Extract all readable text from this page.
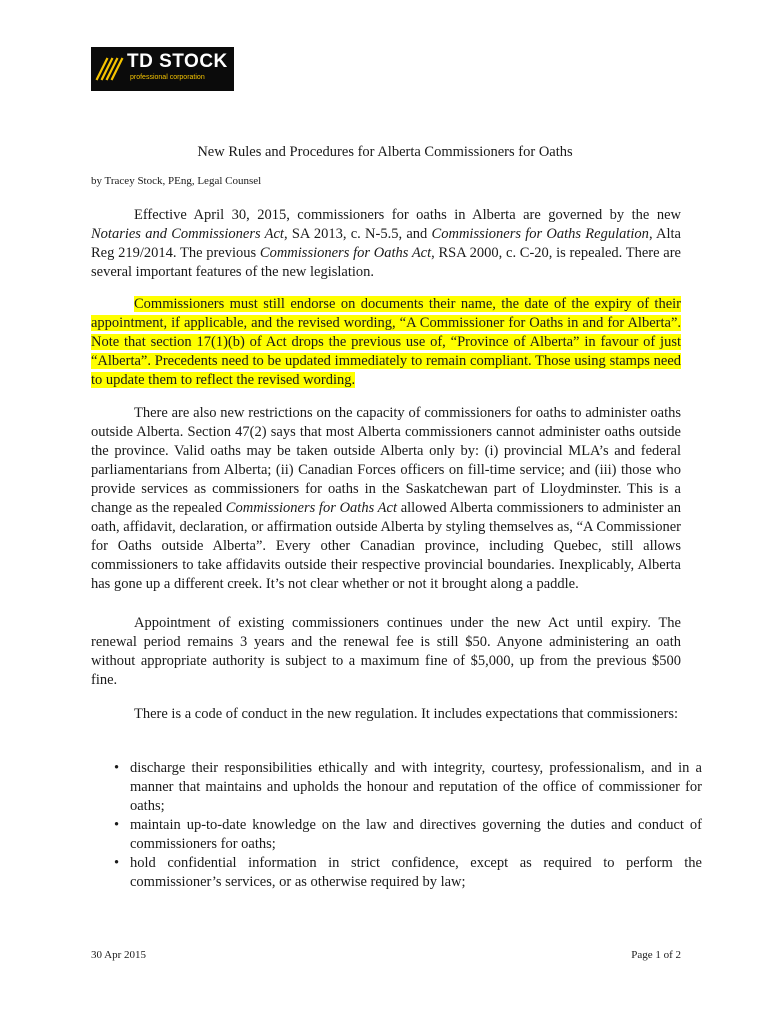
TD STOCK
professional corporation
New Rules and Procedures for Alberta Commissioners for Oaths
by Tracey Stock, PEng, Legal Counsel

Effective April 30, 2015, commissioners for oaths in Alberta are governed by the new Notaries and Commissioners Act, SA 2013, c. N-5.5, and Commissioners for Oaths Regulation, Alta Reg 219/2014. The previous Commissioners for Oaths Act, RSA 2000, c. C-20, is repealed. There are several important features of the new legislation.

Commissioners must still endorse on documents their name, the date of the expiry of their appointment, if applicable, and the revised wording, “A Commissioner for Oaths in and for Alberta”. Note that section 17(1)(b) of Act drops the previous use of, “Province of Alberta” in favour of just “Alberta”. Precedents need to be updated immediately to remain compliant. Those using stamps need to update them to reflect the revised wording.

There are also new restrictions on the capacity of commissioners for oaths to administer oaths outside Alberta. Section 47(2) says that most Alberta commissioners cannot administer oaths outside the province. Valid oaths may be taken outside Alberta only by: (i) provincial MLA’s and federal parliamentarians from Alberta; (ii) Canadian Forces officers on fill-time service; and (iii) those who provide services as commissioners for oaths in the Saskatchewan part of Lloydminster. This is a change as the repealed Commissioners for Oaths Act allowed Alberta commissioners to administer an oath, affidavit, declaration, or affirmation outside Alberta by styling themselves as, “A Commissioner for Oaths outside Alberta”. Every other Canadian province, including Quebec, still allows commissioners to take affidavits outside their respective provincial boundaries. Inexplicably, Alberta has gone up a different creek. It’s not clear whether or not it brought along a paddle.

Appointment of existing commissioners continues under the new Act until expiry. The renewal period remains 3 years and the renewal fee is still $50. Anyone administering an oath without appropriate authority is subject to a maximum fine of $5,000, up from the previous $500 fine.

There is a code of conduct in the new regulation. It includes expectations that commissioners:

• discharge their responsibilities ethically and with integrity, courtesy, professionalism, and in a manner that maintains and upholds the honour and reputation of the office of commissioner for oaths;
• maintain up-to-date knowledge on the law and directives governing the duties and conduct of commissioners for oaths;
• hold confidential information in strict confidence, except as required to perform the commissioner’s services, or as otherwise required by law;
30 Apr 2015	Page 1 of 2
